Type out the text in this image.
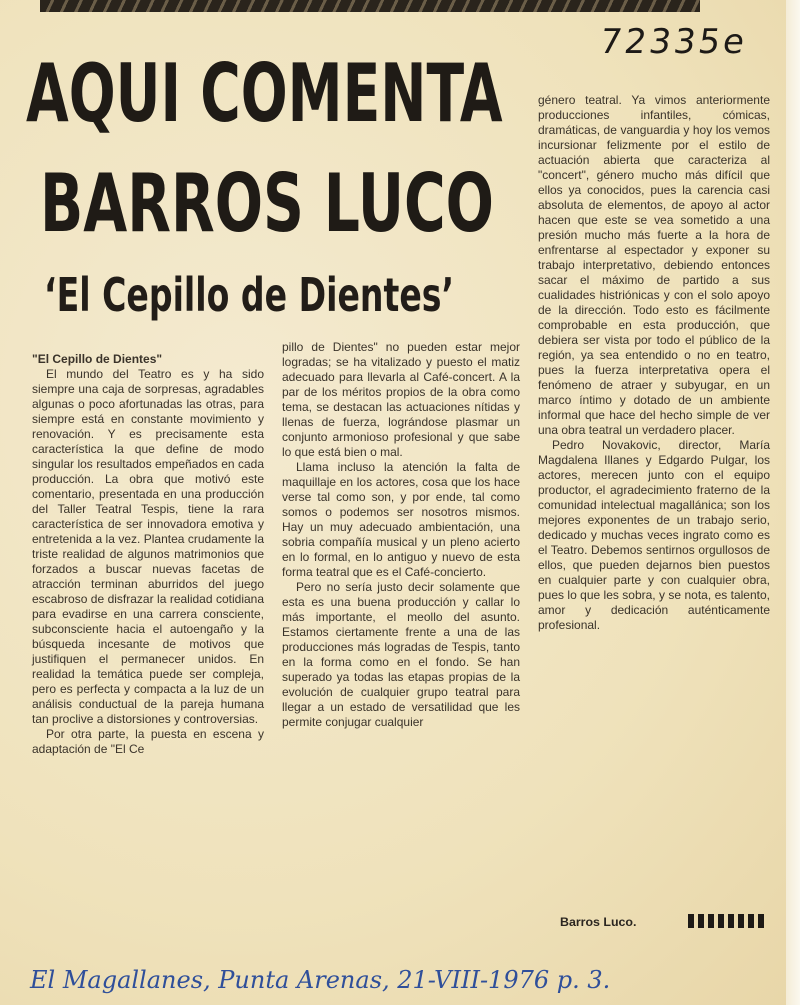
72335e
AQUI COMENTA
BARROS LUCO
‘El Cepillo de Dientes’

"El Cepillo de Dientes"

El mundo del Teatro es y ha sido siempre una caja de sorpresas, agradables algunas o poco afortunadas las otras, para siempre está en constante movimiento y renovación. Y es precisamente esta característica la que define de modo singular los resultados empeñados en cada producción. La obra que motivó este comentario, presentada en una producción del Taller Teatral Tespis, tiene la rara característica de ser innovadora emotiva y entretenida a la vez. Plantea crudamente la triste realidad de algunos matrimonios que forzados a buscar nuevas facetas de atracción terminan aburridos del juego escabroso de disfrazar la realidad cotidiana para evadirse en una carrera consciente, subconsciente hacia el autoengaño y la búsqueda incesante de motivos que justifiquen el permanecer unidos. En realidad la temática puede ser compleja, pero es perfecta y compacta a la luz de un análisis conductual de la pareja humana tan proclive a distorsiones y controversias.

Por otra parte, la puesta en escena y adaptación de "El Ce

pillo de Dientes" no pueden estar mejor logradas; se ha vitalizado y puesto el matiz adecuado para llevarla al Café-concert. A la par de los méritos propios de la obra como tema, se destacan las actuaciones nítidas y llenas de fuerza, lográndose plasmar un conjunto armonioso profesional y que sabe lo que está bien o mal.

Llama incluso la atención la falta de maquillaje en los actores, cosa que los hace verse tal como son, y por ende, tal como somos o podemos ser nosotros mismos. Hay un muy adecuado ambientación, una sobria compañía musical y un pleno acierto en lo formal, en lo antiguo y nuevo de esta forma teatral que es el Café-concierto.

Pero no sería justo decir solamente que esta es una buena producción y callar lo más importante, el meollo del asunto. Estamos ciertamente frente a una de las producciones más logradas de Tespis, tanto en la forma como en el fondo. Se han superado ya todas las etapas propias de la evolución de cualquier grupo teatral para llegar a un estado de versatilidad que les permite conjugar cualquier

género teatral. Ya vimos anteriormente producciones infantiles, cómicas, dramáticas, de vanguardia y hoy los vemos incursionar felizmente por el estilo de actuación abierta que caracteriza al "concert", género mucho más difícil que ellos ya conocidos, pues la carencia casi absoluta de elementos, de apoyo al actor hacen que este se vea sometido a una presión mucho más fuerte a la hora de enfrentarse al espectador y exponer su trabajo interpretativo, debiendo entonces sacar el máximo de partido a sus cualidades histriónicas y con el solo apoyo de la dirección. Todo esto es fácilmente comprobable en esta producción, que debiera ser vista por todo el público de la región, ya sea entendido o no en teatro, pues la fuerza interpretativa opera el fenómeno de atraer y subyugar, en un marco íntimo y dotado de un ambiente informal que hace del hecho simple de ver una obra teatral un verdadero placer.

Pedro Novakovic, director, María Magdalena Illanes y Edgardo Pulgar, los actores, merecen junto con el equipo productor, el agradecimiento fraterno de la comunidad intelectual magallánica; son los mejores exponentes de un trabajo serio, dedicado y muchas veces ingrato como es el Teatro. Debemos sentirnos orgullosos de ellos, que pueden dejarnos bien puestos en cualquier parte y con cualquier obra, pues lo que les sobra, y se nota, es talento, amor y dedicación auténticamente profesional.

Barros Luco.
El Magallanes, Punta Arenas, 21-VIII-1976 p. 3.
